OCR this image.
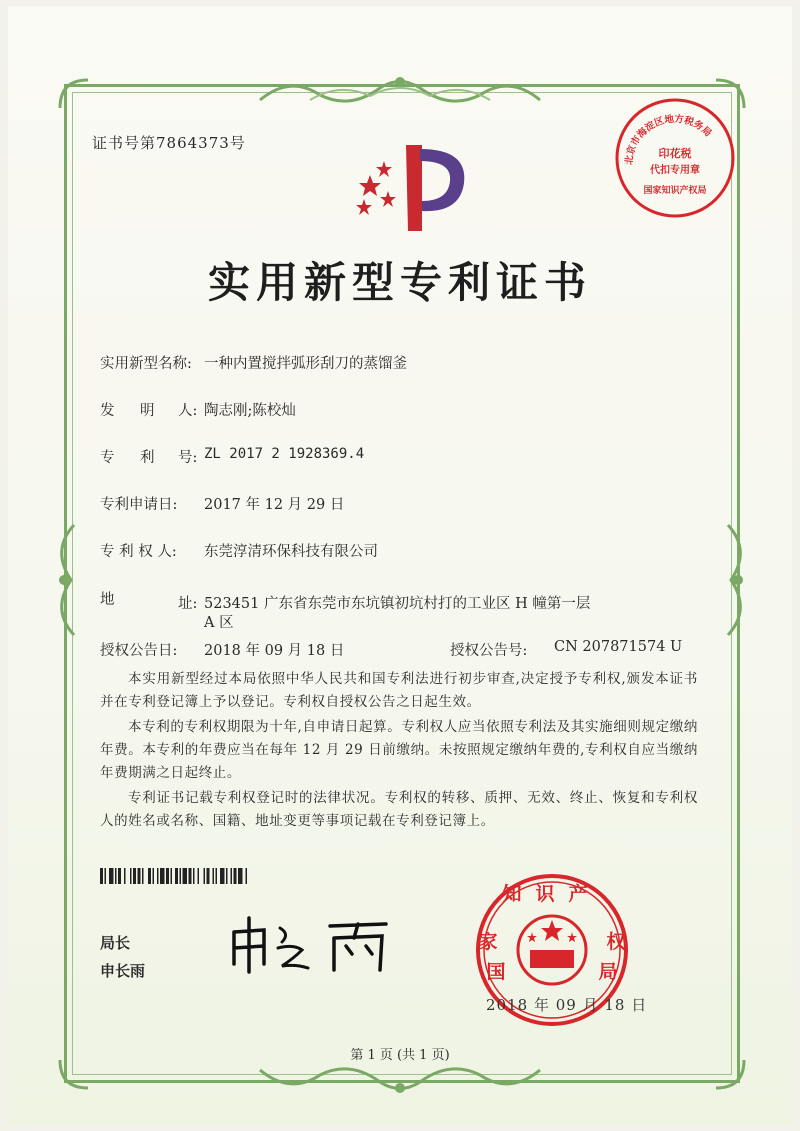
证书号第7864373号
北京市海淀区地方税务局
印花税
代扣专用章
国家知识产权局
实用新型专利证书
实用新型名称: 一种内置搅拌弧形刮刀的蒸馏釜
发 明 人: 陶志刚;陈校灿
专 利 号: ZL 2017 2 1928369.4
专利申请日: 2017 年 12 月 29 日
专 利 权 人: 东莞淳清环保科技有限公司
地	址: 523451 广东省东莞市东坑镇初坑村打的工业区 H 幢第一层
A 区
授权公告日: 2018 年 09 月 18 日	授权公告号: CN 207871574 U
本实用新型经过本局依照中华人民共和国专利法进行初步审查,决定授予专利权,颁发本证书并在专利登记簿上予以登记。专利权自授权公告之日起生效。
本专利的专利权期限为十年,自申请日起算。专利权人应当依照专利法及其实施细则规定缴纳年费。本专利的年费应当在每年 12 月 29 日前缴纳。未按照规定缴纳年费的,专利权自应当缴纳年费期满之日起终止。
专利证书记载专利权登记时的法律状况。专利权的转移、质押、无效、终止、恢复和专利权人的姓名或名称、国籍、地址变更等事项记载在专利登记簿上。
局长
申长雨
知识产
家
国
权
局
2018 年 09 月 18 日
第 1 页 (共 1 页)
